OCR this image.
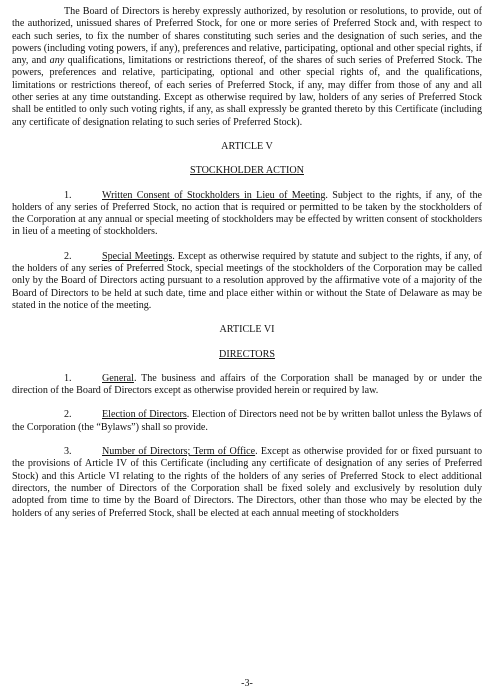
The Board of Directors is hereby expressly authorized, by resolution or resolutions, to provide, out of the authorized, unissued shares of Preferred Stock, for one or more series of Preferred Stock and, with respect to each such series, to fix the number of shares constituting such series and the designation of such series, and the powers (including voting powers, if any), preferences and relative, participating, optional and other special rights, if any, and any qualifications, limitations or restrictions thereof, of the shares of such series of Preferred Stock. The powers, preferences and relative, participating, optional and other special rights of, and the qualifications, limitations or restrictions thereof, of each series of Preferred Stock, if any, may differ from those of any and all other series at any time outstanding. Except as otherwise required by law, holders of any series of Preferred Stock shall be entitled to only such voting rights, if any, as shall expressly be granted thereto by this Certificate (including any certificate of designation relating to such series of Preferred Stock).

ARTICLE V

STOCKHOLDER ACTION

1.	Written Consent of Stockholders in Lieu of Meeting. Subject to the rights, if any, of the holders of any series of Preferred Stock, no action that is required or permitted to be taken by the stockholders of the Corporation at any annual or special meeting of stockholders may be effected by written consent of stockholders in lieu of a meeting of stockholders.

2.	Special Meetings. Except as otherwise required by statute and subject to the rights, if any, of the holders of any series of Preferred Stock, special meetings of the stockholders of the Corporation may be called only by the Board of Directors acting pursuant to a resolution approved by the affirmative vote of a majority of the Board of Directors to be held at such date, time and place either within or without the State of Delaware as may be stated in the notice of the meeting.

ARTICLE VI

DIRECTORS

1.	General. The business and affairs of the Corporation shall be managed by or under the direction of the Board of Directors except as otherwise provided herein or required by law.

2.	Election of Directors. Election of Directors need not be by written ballot unless the Bylaws of the Corporation (the “Bylaws”) shall so provide.

3.	Number of Directors; Term of Office. Except as otherwise provided for or fixed pursuant to the provisions of Article IV of this Certificate (including any certificate of designation of any series of Preferred Stock) and this Article VI relating to the rights of the holders of any series of Preferred Stock to elect additional directors, the number of Directors of the Corporation shall be fixed solely and exclusively by resolution duly adopted from time to time by the Board of Directors. The Directors, other than those who may be elected by the holders of any series of Preferred Stock, shall be elected at each annual meeting of stockholders

-3-
